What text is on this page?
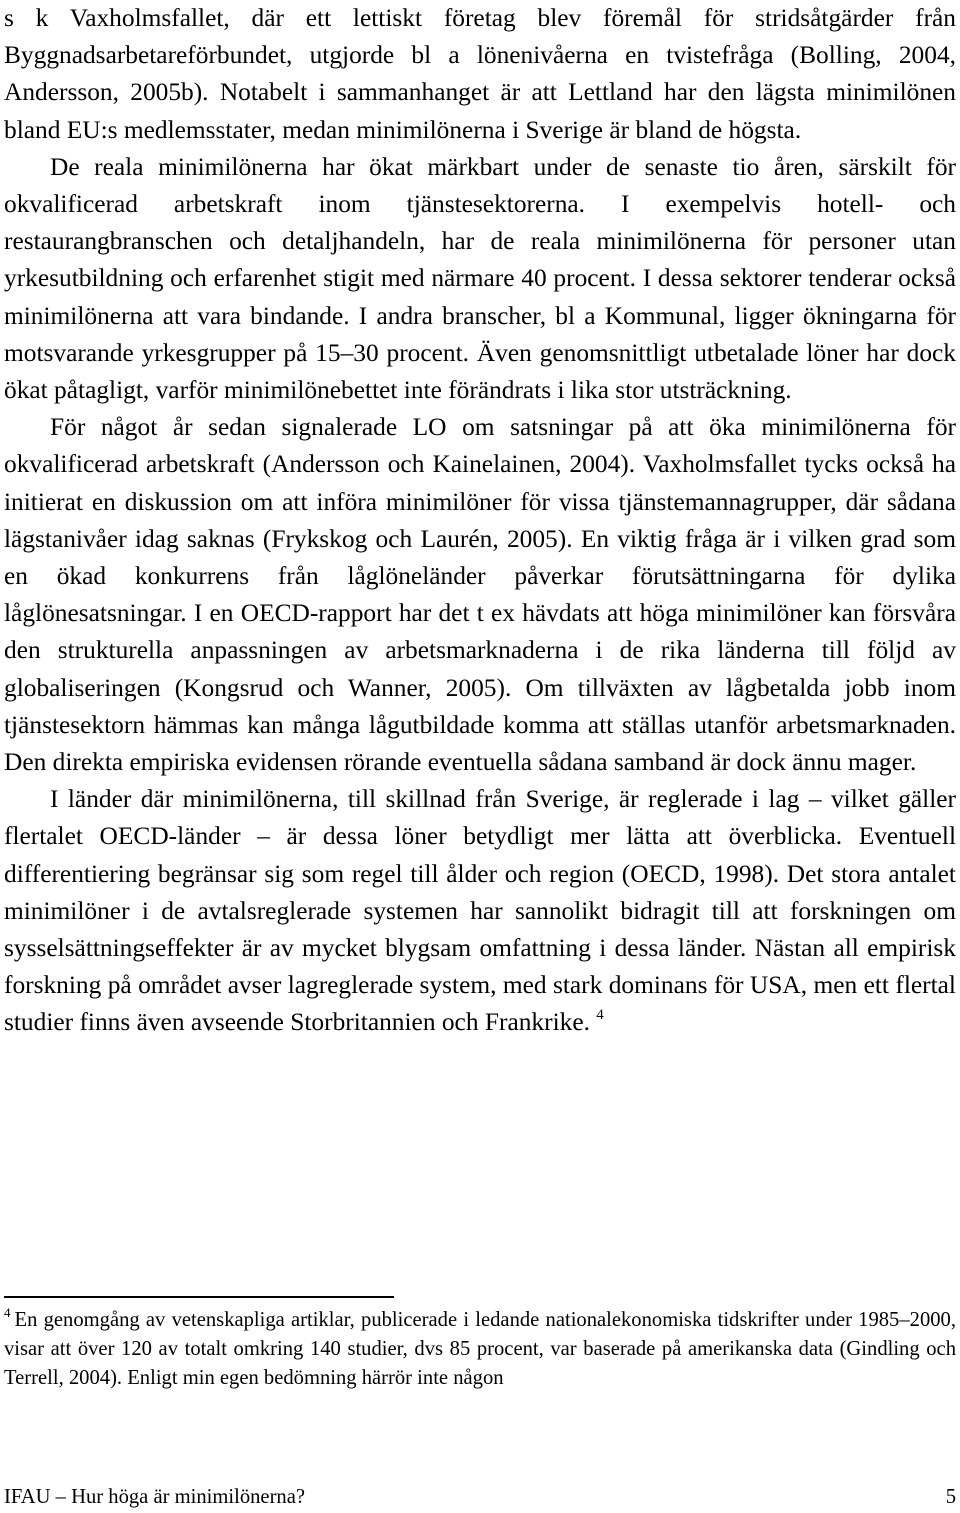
s k Vaxholmsfallet, där ett lettiskt företag blev föremål för stridsåtgärder från Byggnadsarbetareförbundet, utgjorde bl a lönenivåerna en tvistefråga (Bolling, 2004, Andersson, 2005b). Notabelt i sammanhanget är att Lettland har den lägsta minimilönen bland EU:s medlemsstater, medan minimilönerna i Sverige är bland de högsta.

De reala minimilönerna har ökat märkbart under de senaste tio åren, särskilt för okvalificerad arbetskraft inom tjänstesektorerna. I exempelvis hotell- och restaurangbranschen och detaljhandeln, har de reala minimilönerna för personer utan yrkesutbildning och erfarenhet stigit med närmare 40 procent. I dessa sektorer tenderar också minimilönerna att vara bindande. I andra branscher, bl a Kommunal, ligger ökningarna för motsvarande yrkesgrupper på 15–30 procent. Även genomsnittligt utbetalade löner har dock ökat påtagligt, varför minimilönebettet inte förändrats i lika stor utsträckning.

För något år sedan signalerade LO om satsningar på att öka minimilönerna för okvalificerad arbetskraft (Andersson och Kainelainen, 2004). Vaxholmsfallet tycks också ha initierat en diskussion om att införa minimilöner för vissa tjänstemannagrupper, där sådana lägstanivåer idag saknas (Frykskog och Laurén, 2005). En viktig fråga är i vilken grad som en ökad konkurrens från låglöneländer påverkar förutsättningarna för dylika låglönesatsningar. I en OECD-rapport har det t ex hävdats att höga minimilöner kan försvåra den strukturella anpassningen av arbetsmarknaderna i de rika länderna till följd av globaliseringen (Kongsrud och Wanner, 2005). Om tillväxten av lågbetalda jobb inom tjänstesektorn hämmas kan många lågutbildade komma att ställas utanför arbetsmarknaden. Den direkta empiriska evidensen rörande eventuella sådana samband är dock ännu mager.

I länder där minimilönerna, till skillnad från Sverige, är reglerade i lag – vilket gäller flertalet OECD-länder – är dessa löner betydligt mer lätta att överblicka. Eventuell differentiering begränsar sig som regel till ålder och region (OECD, 1998). Det stora antalet minimilöner i de avtalsreglerade systemen har sannolikt bidragit till att forskningen om sysselsättningseffekter är av mycket blygsam omfattning i dessa länder. Nästan all empirisk forskning på området avser lagreglerade system, med stark dominans för USA, men ett flertal studier finns även avseende Storbritannien och Frankrike. $^4$

$^4$ En genomgång av vetenskapliga artiklar, publicerade i ledande nationalekonomiska tidskrifter under 1985–2000, visar att över 120 av totalt omkring 140 studier, dvs 85 procent, var baserade på amerikanska data (Gindling och Terrell, 2004). Enligt min egen bedömning härrör inte någon
IFAU – Hur höga är minimilönerna?	5
